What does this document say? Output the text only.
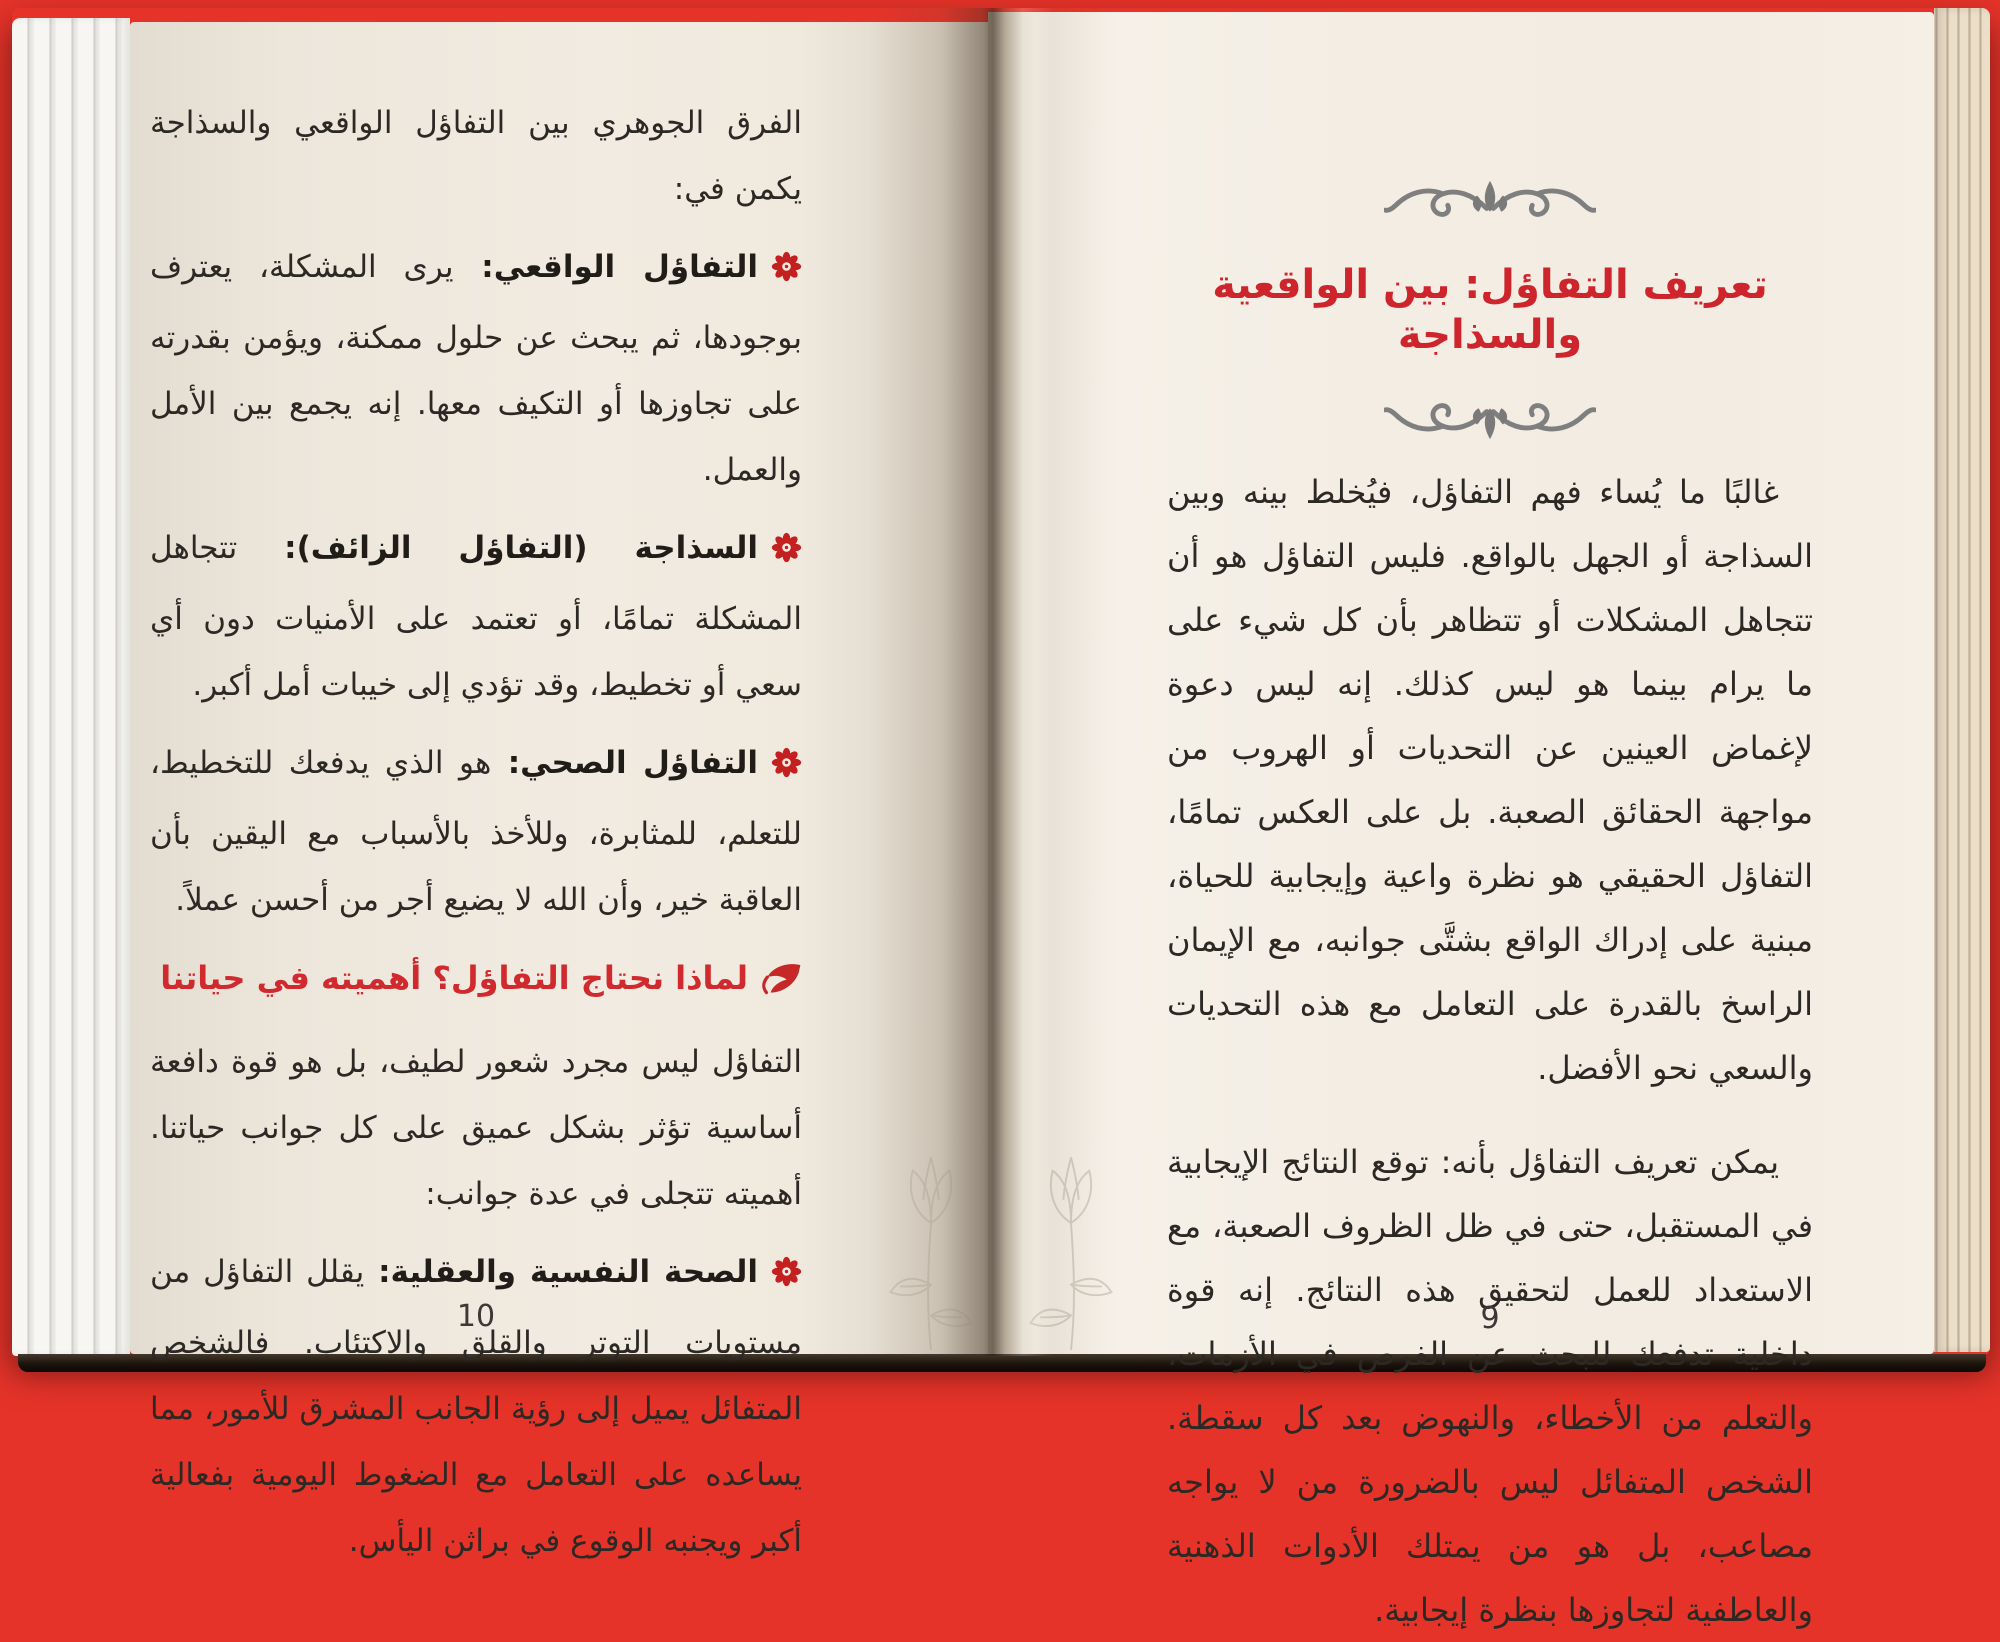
الفرق الجوهري بين التفاؤل الواقعي والسذاجة يكمن في:

التفاؤل الواقعي: يرى المشكلة، يعترف بوجودها، ثم يبحث عن حلول ممكنة، ويؤمن بقدرته على تجاوزها أو التكيف معها. إنه يجمع بين الأمل والعمل.

السذاجة (التفاؤل الزائف): تتجاهل المشكلة تمامًا، أو تعتمد على الأمنيات دون أي سعي أو تخطيط، وقد تؤدي إلى خيبات أمل أكبر.

التفاؤل الصحي: هو الذي يدفعك للتخطيط، للتعلم، للمثابرة، وللأخذ بالأسباب مع اليقين بأن العاقبة خير، وأن الله لا يضيع أجر من أحسن عملاً.

لماذا نحتاج التفاؤل؟ أهميته في حياتنا

التفاؤل ليس مجرد شعور لطيف، بل هو قوة دافعة أساسية تؤثر بشكل عميق على كل جوانب حياتنا. أهميته تتجلى في عدة جوانب:

الصحة النفسية والعقلية: يقلل التفاؤل من مستويات التوتر والقلق والاكتئاب. فالشخص المتفائل يميل إلى رؤية الجانب المشرق للأمور، مما يساعده على التعامل مع الضغوط اليومية بفعالية أكبر ويجنبه الوقوع في براثن اليأس.

10
تعريف التفاؤل: بين الواقعية والسذاجة

غالبًا ما يُساء فهم التفاؤل، فيُخلط بينه وبين السذاجة أو الجهل بالواقع. فليس التفاؤل هو أن تتجاهل المشكلات أو تتظاهر بأن كل شيء على ما يرام بينما هو ليس كذلك. إنه ليس دعوة لإغماض العينين عن التحديات أو الهروب من مواجهة الحقائق الصعبة. بل على العكس تمامًا، التفاؤل الحقيقي هو نظرة واعية وإيجابية للحياة، مبنية على إدراك الواقع بشتَّى جوانبه، مع الإيمان الراسخ بالقدرة على التعامل مع هذه التحديات والسعي نحو الأفضل.

يمكن تعريف التفاؤل بأنه: توقع النتائج الإيجابية في المستقبل، حتى في ظل الظروف الصعبة، مع الاستعداد للعمل لتحقيق هذه النتائج. إنه قوة داخلية تدفعك للبحث عن الفرص في الأزمات، والتعلم من الأخطاء، والنهوض بعد كل سقطة. الشخص المتفائل ليس بالضرورة من لا يواجه مصاعب، بل هو من يمتلك الأدوات الذهنية والعاطفية لتجاوزها بنظرة إيجابية.

9
